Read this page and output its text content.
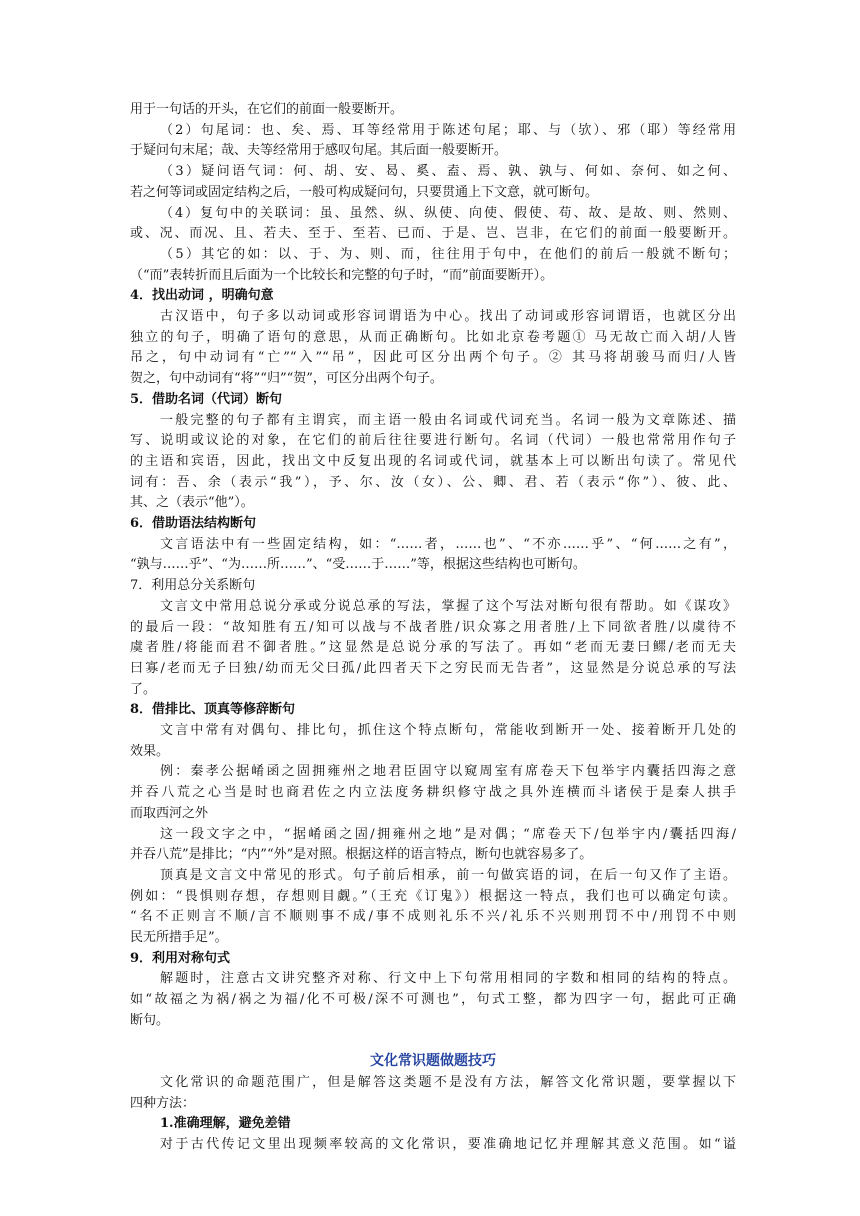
用于一句话的开头，在它们的前面一般要断开。
（2）句尾词：也、矣、焉、耳等经常用于陈述句尾；耶、与（欤）、邪（耶）等经常用
于疑问句末尾；哉、夫等经常用于感叹句尾。其后面一般要断开。
（3）疑问语气词：何、胡、安、曷、奚、盍、焉、孰、孰与、何如、奈何、如之何、
若之何等词或固定结构之后，一般可构成疑问句，只要贯通上下文意，就可断句。
（4）复句中的关联词：虽、虽然、纵、纵使、向使、假使、苟、故、是故、则、然则、
或、况、而况、且、若夫、至于、至若、已而、于是、岂、岂非，在它们的前面一般要断开。
（5）其它的如：以、于、为、则、而，往往用于句中，在他们的前后一般就不断句；
（“而”表转折而且后面为一个比较长和完整的句子时，“而”前面要断开）。
4．找出动词 ，明确句意
古汉语中，句子多以动词或形容词谓语为中心。找出了动词或形容词谓语，也就区分出
独立的句子，明确了语句的意思，从而正确断句。比如北京卷考题① 马无故亡而入胡/人皆
吊之，句中动词有“亡”“入”“吊”，因此可区分出两个句子。② 其马将胡骏马而归/人皆
贺之，句中动词有“将”“归”“贺”，可区分出两个句子。
5．借助名词（代词）断句
一般完整的句子都有主谓宾，而主语一般由名词或代词充当。名词一般为文章陈述、描
写、说明或议论的对象，在它们的前后往往要进行断句。名词（代词）一般也常常用作句子
的主语和宾语，因此，找出文中反复出现的名词或代词，就基本上可以断出句读了。常见代
词有：吾、余（表示“我”），予、尔、汝（女）、公、卿、君、若（表示“你”）、彼、此、
其、之（表示“他”）。
6．借助语法结构断句
文言语法中有一些固定结构，如：“……者，……也”、“不亦……乎”、“何……之有”，
“孰与……乎”、“为……所……”、“受……于……”等，根据这些结构也可断句。
7．利用总分关系断句
文言文中常用总说分承或分说总承的写法，掌握了这个写法对断句很有帮助。如《谋攻》
的最后一段：“故知胜有五/知可以战与不战者胜/识众寡之用者胜/上下同欲者胜/以虞待不
虞者胜/将能而君不御者胜。”这显然是总说分承的写法了。再如“老而无妻曰鳏/老而无夫
曰寡/老而无子曰独/幼而无父曰孤/此四者天下之穷民而无告者”，这显然是分说总承的写法
了。
8．借排比、顶真等修辞断句
文言中常有对偶句、排比句，抓住这个特点断句，常能收到断开一处、接着断开几处的
效果。
例：秦孝公据崤函之固拥雍州之地君臣固守以窥周室有席卷天下包举宇内囊括四海之意
并吞八荒之心当是时也商君佐之内立法度务耕织修守战之具外连横而斗诸侯于是秦人拱手
而取西河之外
这一段文字之中，“据崤函之固/拥雍州之地”是对偶；“席卷天下/包举宇内/囊括四海/
并吞八荒”是排比；“内”“外”是对照。根据这样的语言特点，断句也就容易多了。
顶真是文言文中常见的形式。句子前后相承，前一句做宾语的词，在后一句又作了主语。
例如：“畏惧则存想，存想则目觑。”（王充《订鬼》）根据这一特点，我们也可以确定句读。
“名不正则言不顺/言不顺则事不成/事不成则礼乐不兴/礼乐不兴则刑罚不中/刑罚不中则
民无所措手足”。
9．利用对称句式
解题时，注意古文讲究整齐对称、行文中上下句常用相同的字数和相同的结构的特点。
如“故福之为祸/祸之为福/化不可极/深不可测也”，句式工整，都为四字一句，据此可正确
断句。
文化常识题做题技巧
文化常识的命题范围广，但是解答这类题不是没有方法，解答文化常识题，要掌握以下
四种方法：
1.准确理解，避免差错
对于古代传记文里出现频率较高的文化常识，要准确地记忆并理解其意义范围。如“谥
